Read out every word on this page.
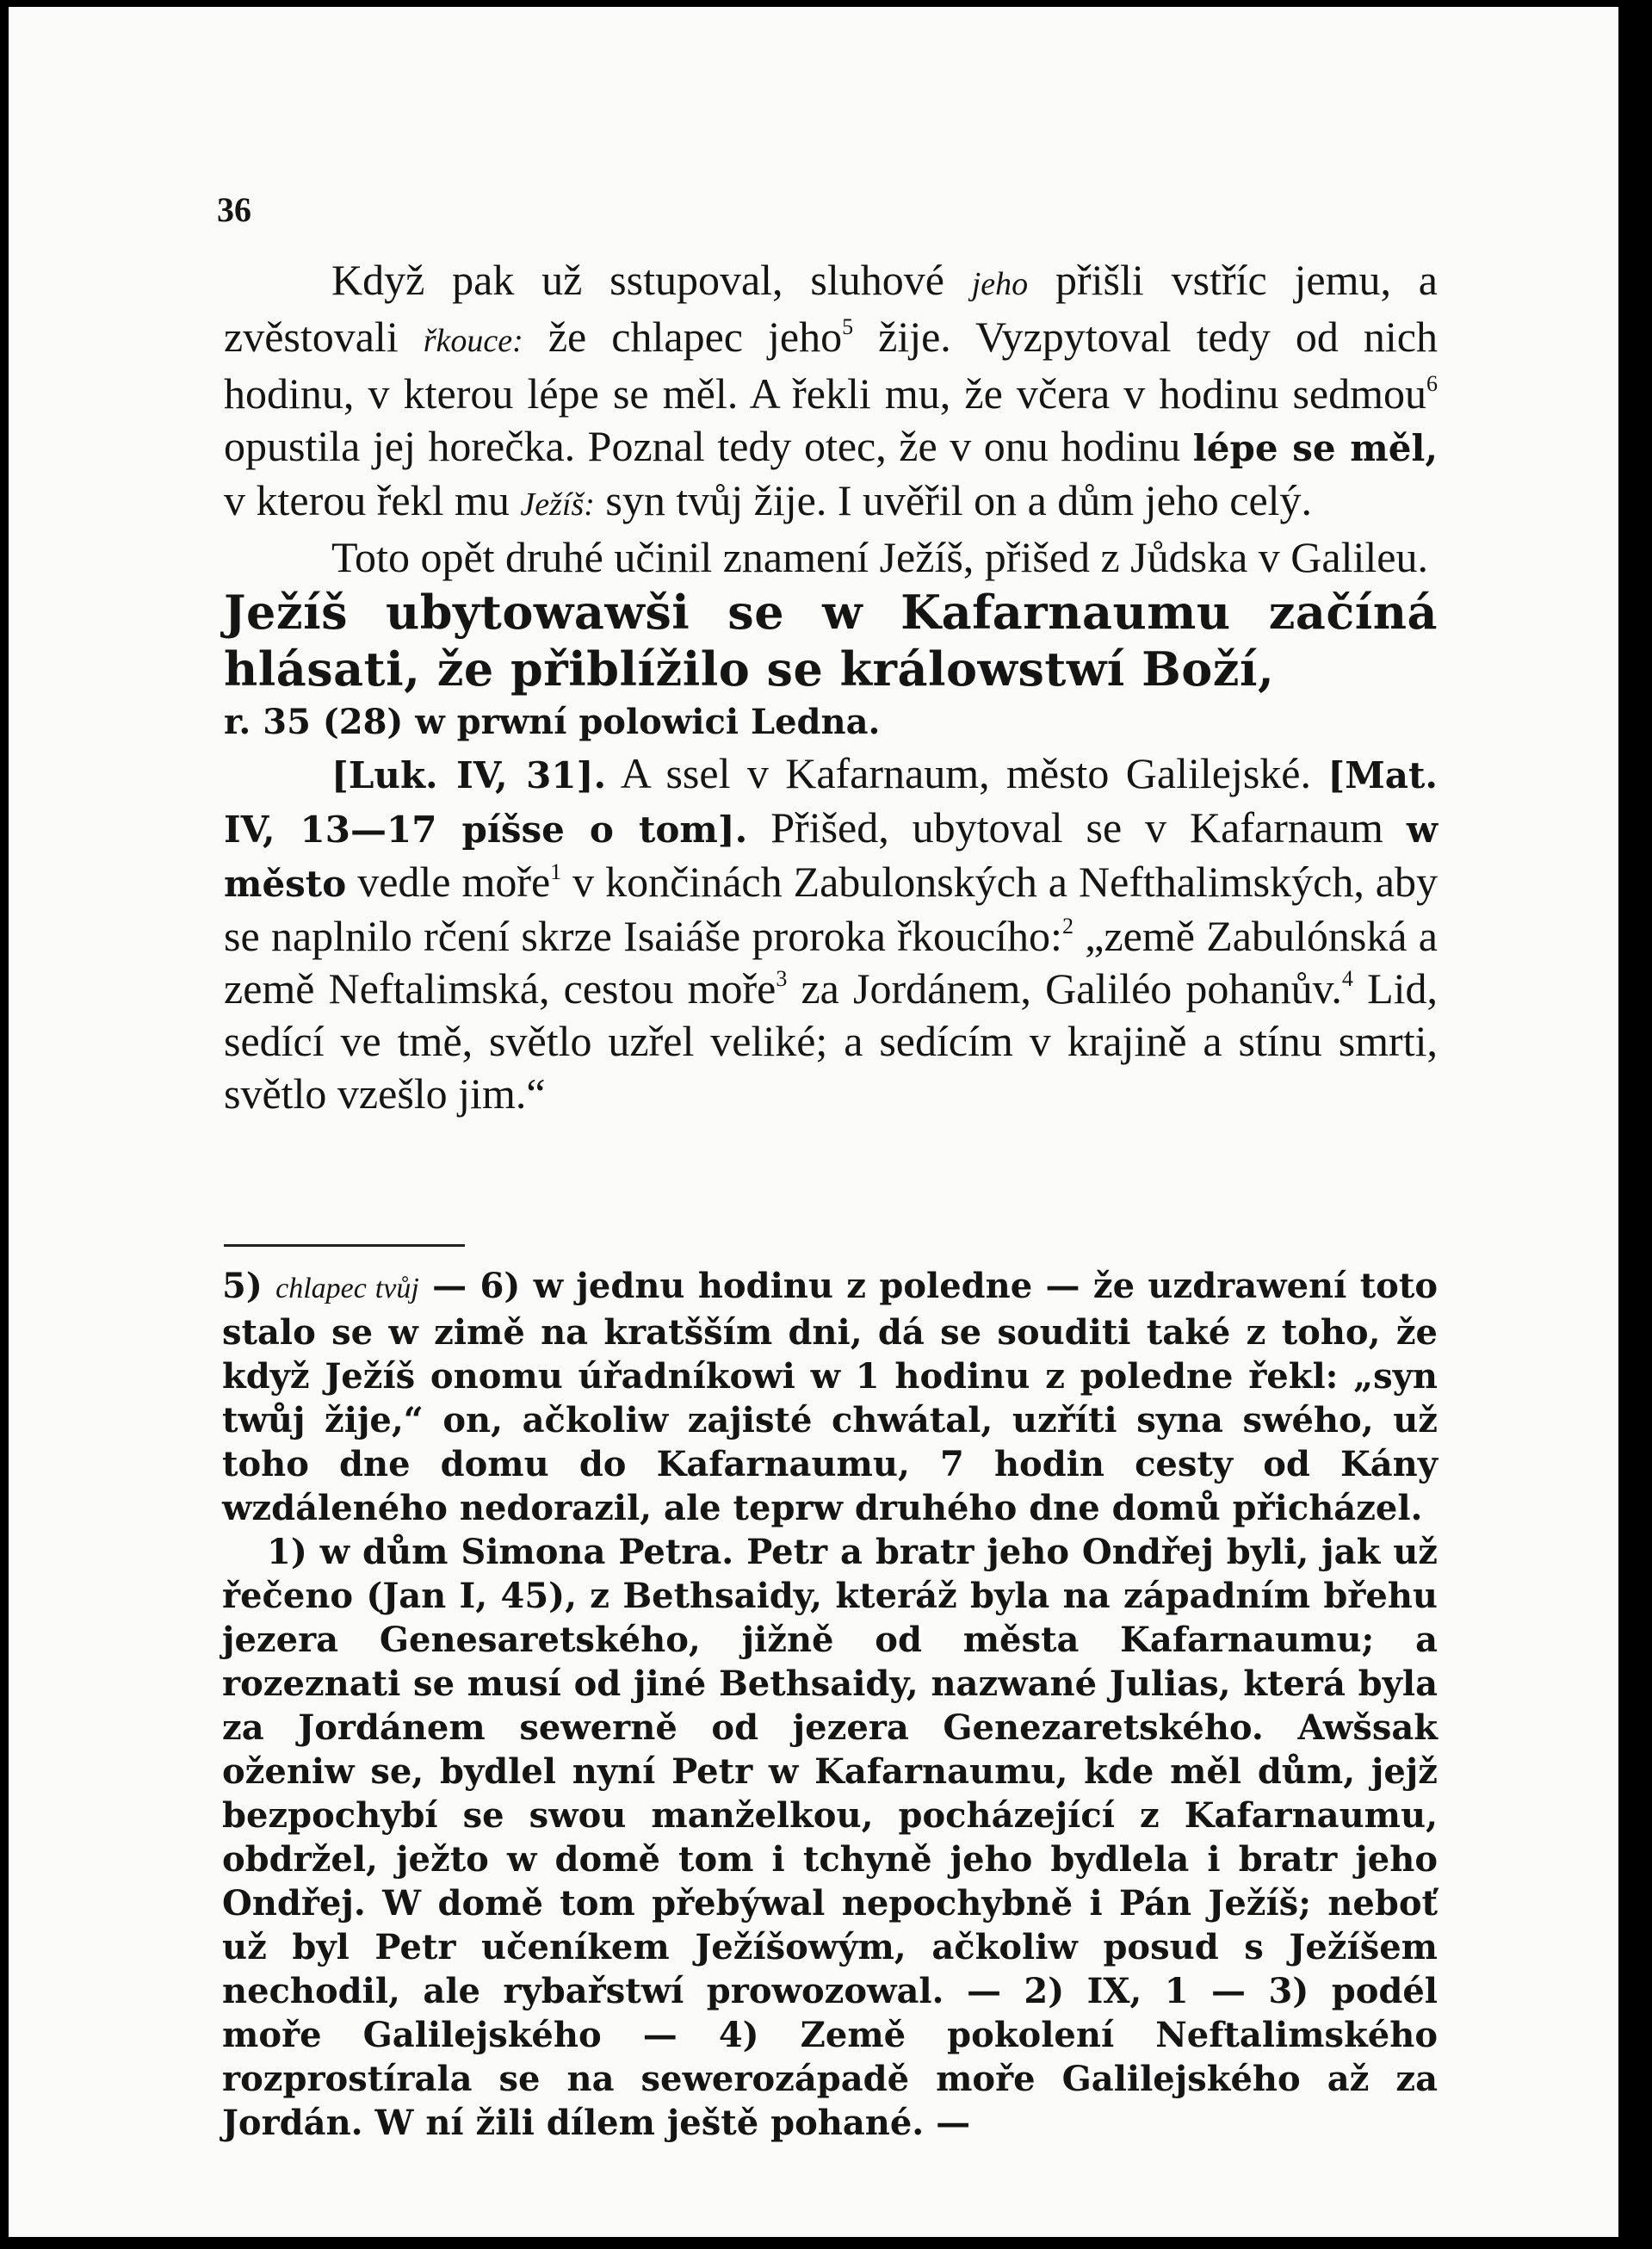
36

Když pak už sstupoval, sluhové jeho přišli vstříc jemu, a zvěstovali řkouce: že chlapec jeho$^5$ žije. Vyzpytoval tedy od nich hodinu, v kterou lépe se měl. A řekli mu, že včera v hodinu sedmou$^6$ opustila jej horečka. Poznal tedy otec, že v onu hodinu lépe se měl, v kterou řekl mu Ježíš: syn tvůj žije. I uvěřil on a dům jeho celý.

Toto opět druhé učinil znamení Ježíš, přišed z Jůdska v Galileu.

Ježíš ubytowawši se w Kafarnaumu začíná hlásati, že přiblížilo se králowstwí Boží,

r. 35 (28) w prwní polowici Ledna.

[Luk. IV, 31]. A ssel v Kafarnaum, město Galilejské. [Mat. IV, 13—17 píšse o tom]. Přišed, ubytoval se v Kafarnaum w město vedle moře$^1$ v končinách Zabulonských a Nefthalimských, aby se naplnilo rčení skrze Isaiáše proroka řkoucího:$^2$ „země Zabulónská a země Neftalimská, cestou moře$^3$ za Jordánem, Galiléo pohanův.$^4$ Lid, sedící ve tmě, světlo uzřel veliké; a sedícím v krajině a stínu smrti, světlo vzešlo jim.“

5) chlapec tvůj — 6) w jednu hodinu z poledne — že uzdrawení toto stalo se w zimě na kratšším dni, dá se souditi také z toho, že když Ježíš onomu úřadníkowi w 1 hodinu z poledne řekl: „syn twůj žije,“ on, ačkoliw zajisté chwátal, uzříti syna swého, už toho dne domu do Kafarnaumu, 7 hodin cesty od Kány wzdáleného nedorazil, ale teprw druhého dne domů přicházel.

1) w dům Simona Petra. Petr a bratr jeho Ondřej byli, jak už řečeno (Jan I, 45), z Bethsaidy, kteráž byla na západním břehu jezera Genesaretského, jižně od města Kafarnaumu; a rozeznati se musí od jiné Bethsaidy, nazwané Julias, která byla za Jordánem sewerně od jezera Genezaretského. Awšsak oženiw se, bydlel nyní Petr w Kafarnaumu, kde měl dům, jejž bezpochybí se swou manželkou, pocházející z Kafarnaumu, obdržel, ježto w domě tom i tchyně jeho bydlela i bratr jeho Ondřej. W domě tom přebýwal nepochybně i Pán Ježíš; neboť už byl Petr učeníkem Ježíšowým, ačkoliw posud s Ježíšem nechodil, ale rybařstwí prowozowal. — 2) IX, 1 — 3) podél moře Galilejského — 4) Země pokolení Neftalimského rozprostírala se na sewerozápadě moře Galilejského až za Jordán. W ní žili dílem ještě pohané. —
